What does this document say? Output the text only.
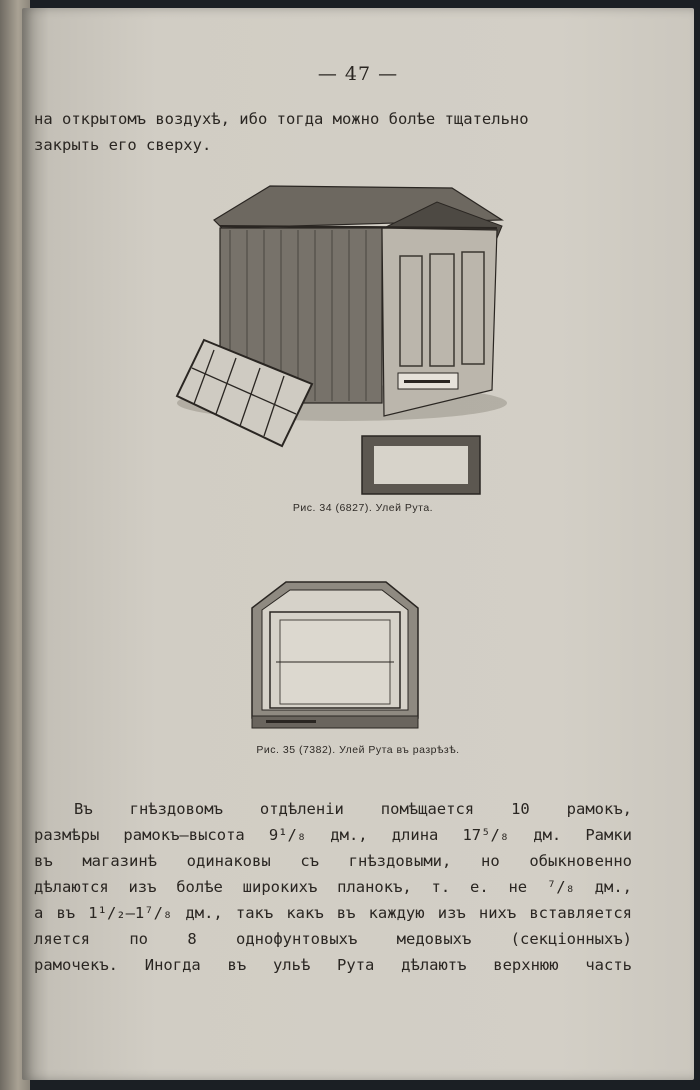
— 47 —
на открытомъ воздухѣ, ибо тогда можно болѣе тщательно
закрыть его сверху.
Рис. 34 (6827). Улей Рута.
Рис. 35 (7382). Улей Рута въ разрѣзѣ.
Въ гнѣздовомъ отдѣленіи помѣщается 10 рамокъ,
размѣры рамокъ—высота 9¹/₈ дм., длина 17⁵/₈ дм. Рамки
въ магазинѣ одинаковы съ гнѣздовыми, но обыкновенно
дѣлаются изъ болѣе широкихъ планокъ, т. е. не ⁷/₈ дм.,
а въ 1¹/₂—1⁷/₈ дм., такъ какъ въ каждую изъ нихъ вставляется
ляется по 8 однофунтовыхъ медовыхъ (секціонныхъ)
рамочекъ. Иногда въ ульѣ Рута дѣлаютъ верхнюю часть
